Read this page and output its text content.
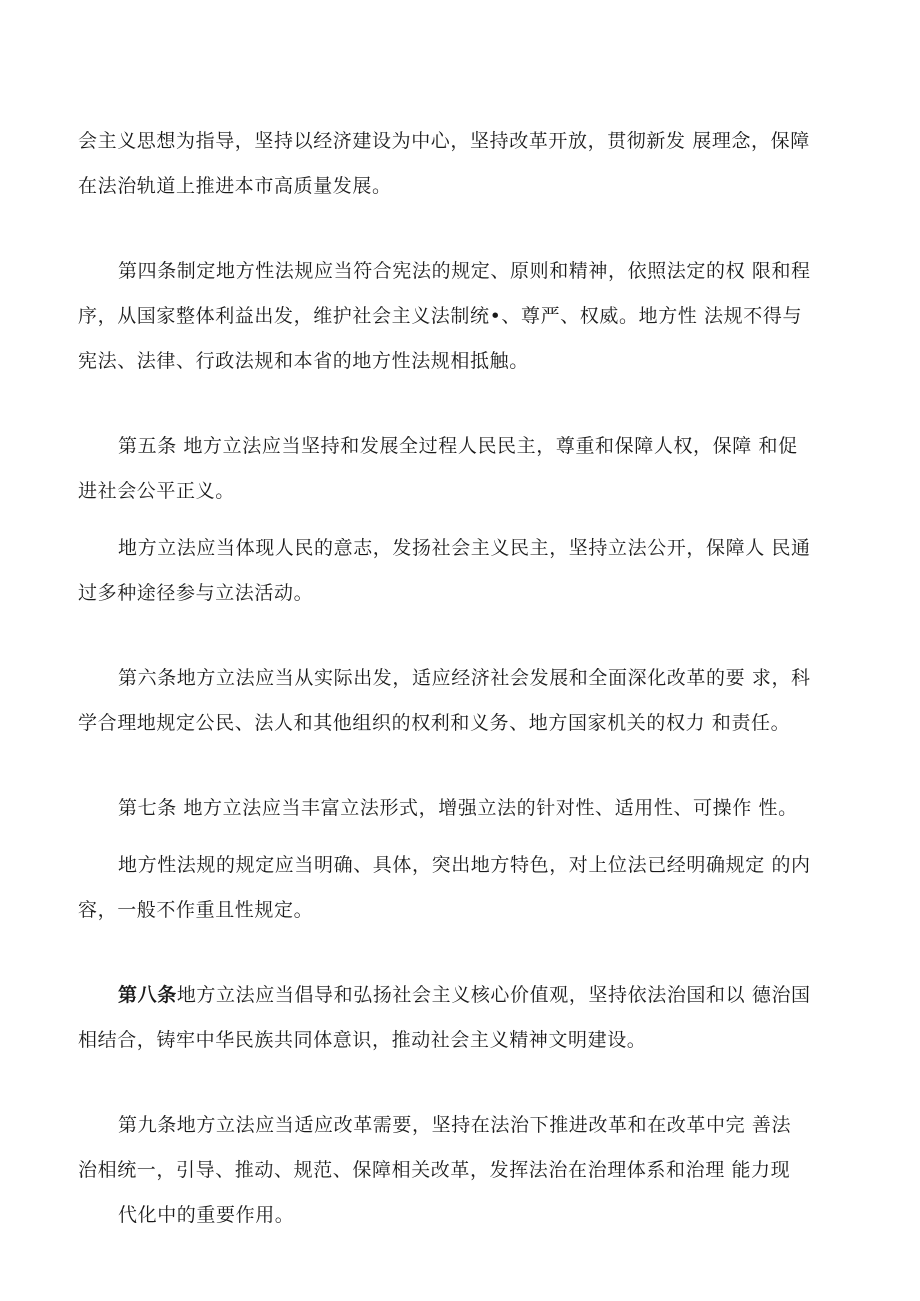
会主义思想为指导，坚持以经济建设为中心，坚持改革开放，贯彻新发 展理念，保障
在法治轨道上推进本市高质量发展。

第四条制定地方性法规应当符合宪法的规定、原则和精神，依照法定的权 限和程
序，从国家整体利益出发，维护社会主义法制统•、尊严、权威。地方性 法规不得与
宪法、法律、行政法规和本省的地方性法规相抵触。

第五条 地方立法应当坚持和发展全过程人民民主，尊重和保障人权，保障 和促
进社会公平正义。

地方立法应当体现人民的意志，发扬社会主义民主，坚持立法公开，保障人 民通
过多种途径参与立法活动。

第六条地方立法应当从实际出发，适应经济社会发展和全面深化改革的要 求，科
学合理地规定公民、法人和其他组织的权利和义务、地方国家机关的权力 和责任。

第七条 地方立法应当丰富立法形式，增强立法的针对性、适用性、可操作 性。

地方性法规的规定应当明确、具体，突出地方特色，对上位法已经明确规定 的内
容，一般不作重且性规定。

第八条地方立法应当倡导和弘扬社会主义核心价值观，坚持依法治国和以 德治国
相结合，铸牢中华民族共同体意识，推动社会主义精神文明建设。

第九条地方立法应当适应改革需要，坚持在法治下推进改革和在改革中完 善法
治相统一，引导、推动、规范、保障相关改革，发挥法治在治理体系和治理 能力现
代化中的重要作用。
